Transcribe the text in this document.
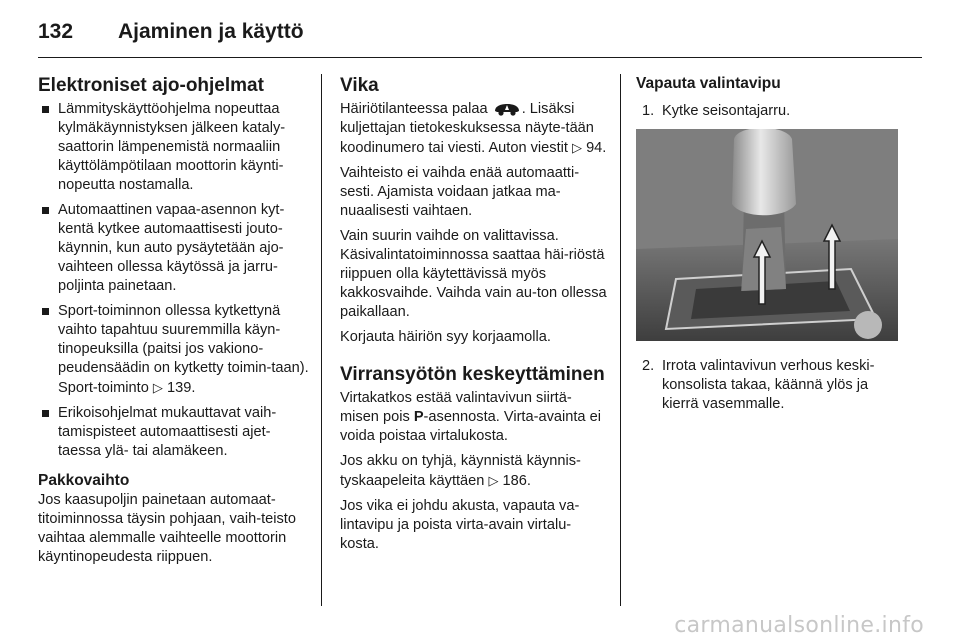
132 Ajaminen ja käyttö
Elektroniset ajo-ohjelmat
Lämmityskäyttöohjelma nopeuttaa kylmäkäynnistyksen jälkeen kataly-saattorin lämpenemistä normaaliin käyttölämpötilaan moottorin käynti-nopeutta nostamalla.
Automaattinen vapaa-asennon kyt-kentä kytkee automaattisesti jouto-käynnin, kun auto pysäytetään ajo-vaihteen ollessa käytössä ja jarru-poljinta painetaan.
Sport-toiminnon ollessa kytkettynä vaihto tapahtuu suuremmilla käyn-tinopeuksilla (paitsi jos vakiono-peudensäädin on kytketty toimin-taan). Sport-toiminto ▷ 139.
Erikoisohjelmat mukauttavat vaih-tamispisteet automaattisesti ajet-taessa ylä- tai alamäkeen.
Pakkovaihto

Jos kaasupoljin painetaan automaat-titoiminnossa täysin pohjaan, vaih-teisto vaihtaa alemmalle vaihteelle moottorin käyntinopeudesta riippuen.

Vika

Häiriötilanteessa palaa . Lisäksi kuljettajan tietokeskuksessa näyte-tään koodinumero tai viesti. Auton viestit ▷ 94.

Vaihteisto ei vaihda enää automaatti-sesti. Ajamista voidaan jatkaa ma-nuaalisesti vaihtaen.

Vain suurin vaihde on valittavissa. Käsivalintatoiminnossa saattaa häi-riöstä riippuen olla käytettävissä myös kakkosvaihde. Vaihda vain au-ton ollessa paikallaan.

Korjauta häiriön syy korjaamolla.

Virransyötön keskeyttäminen

Virtakatkos estää valintavivun siirtä-misen pois P-asennosta. Virta-avainta ei voida poistaa virtalukosta.

Jos akku on tyhjä, käynnistä käynnis-tyskaapeleita käyttäen ▷ 186.

Jos vika ei johdu akusta, vapauta va-lintavipu ja poista virta-avain virtalu-kosta.

Vapauta valintavipu
1. Kytke seisontajarru.
2. Irrota valintavivun verhous keski-konsolista takaa, käännä ylös ja kierrä vasemmalle.
carmanualsonline.info
